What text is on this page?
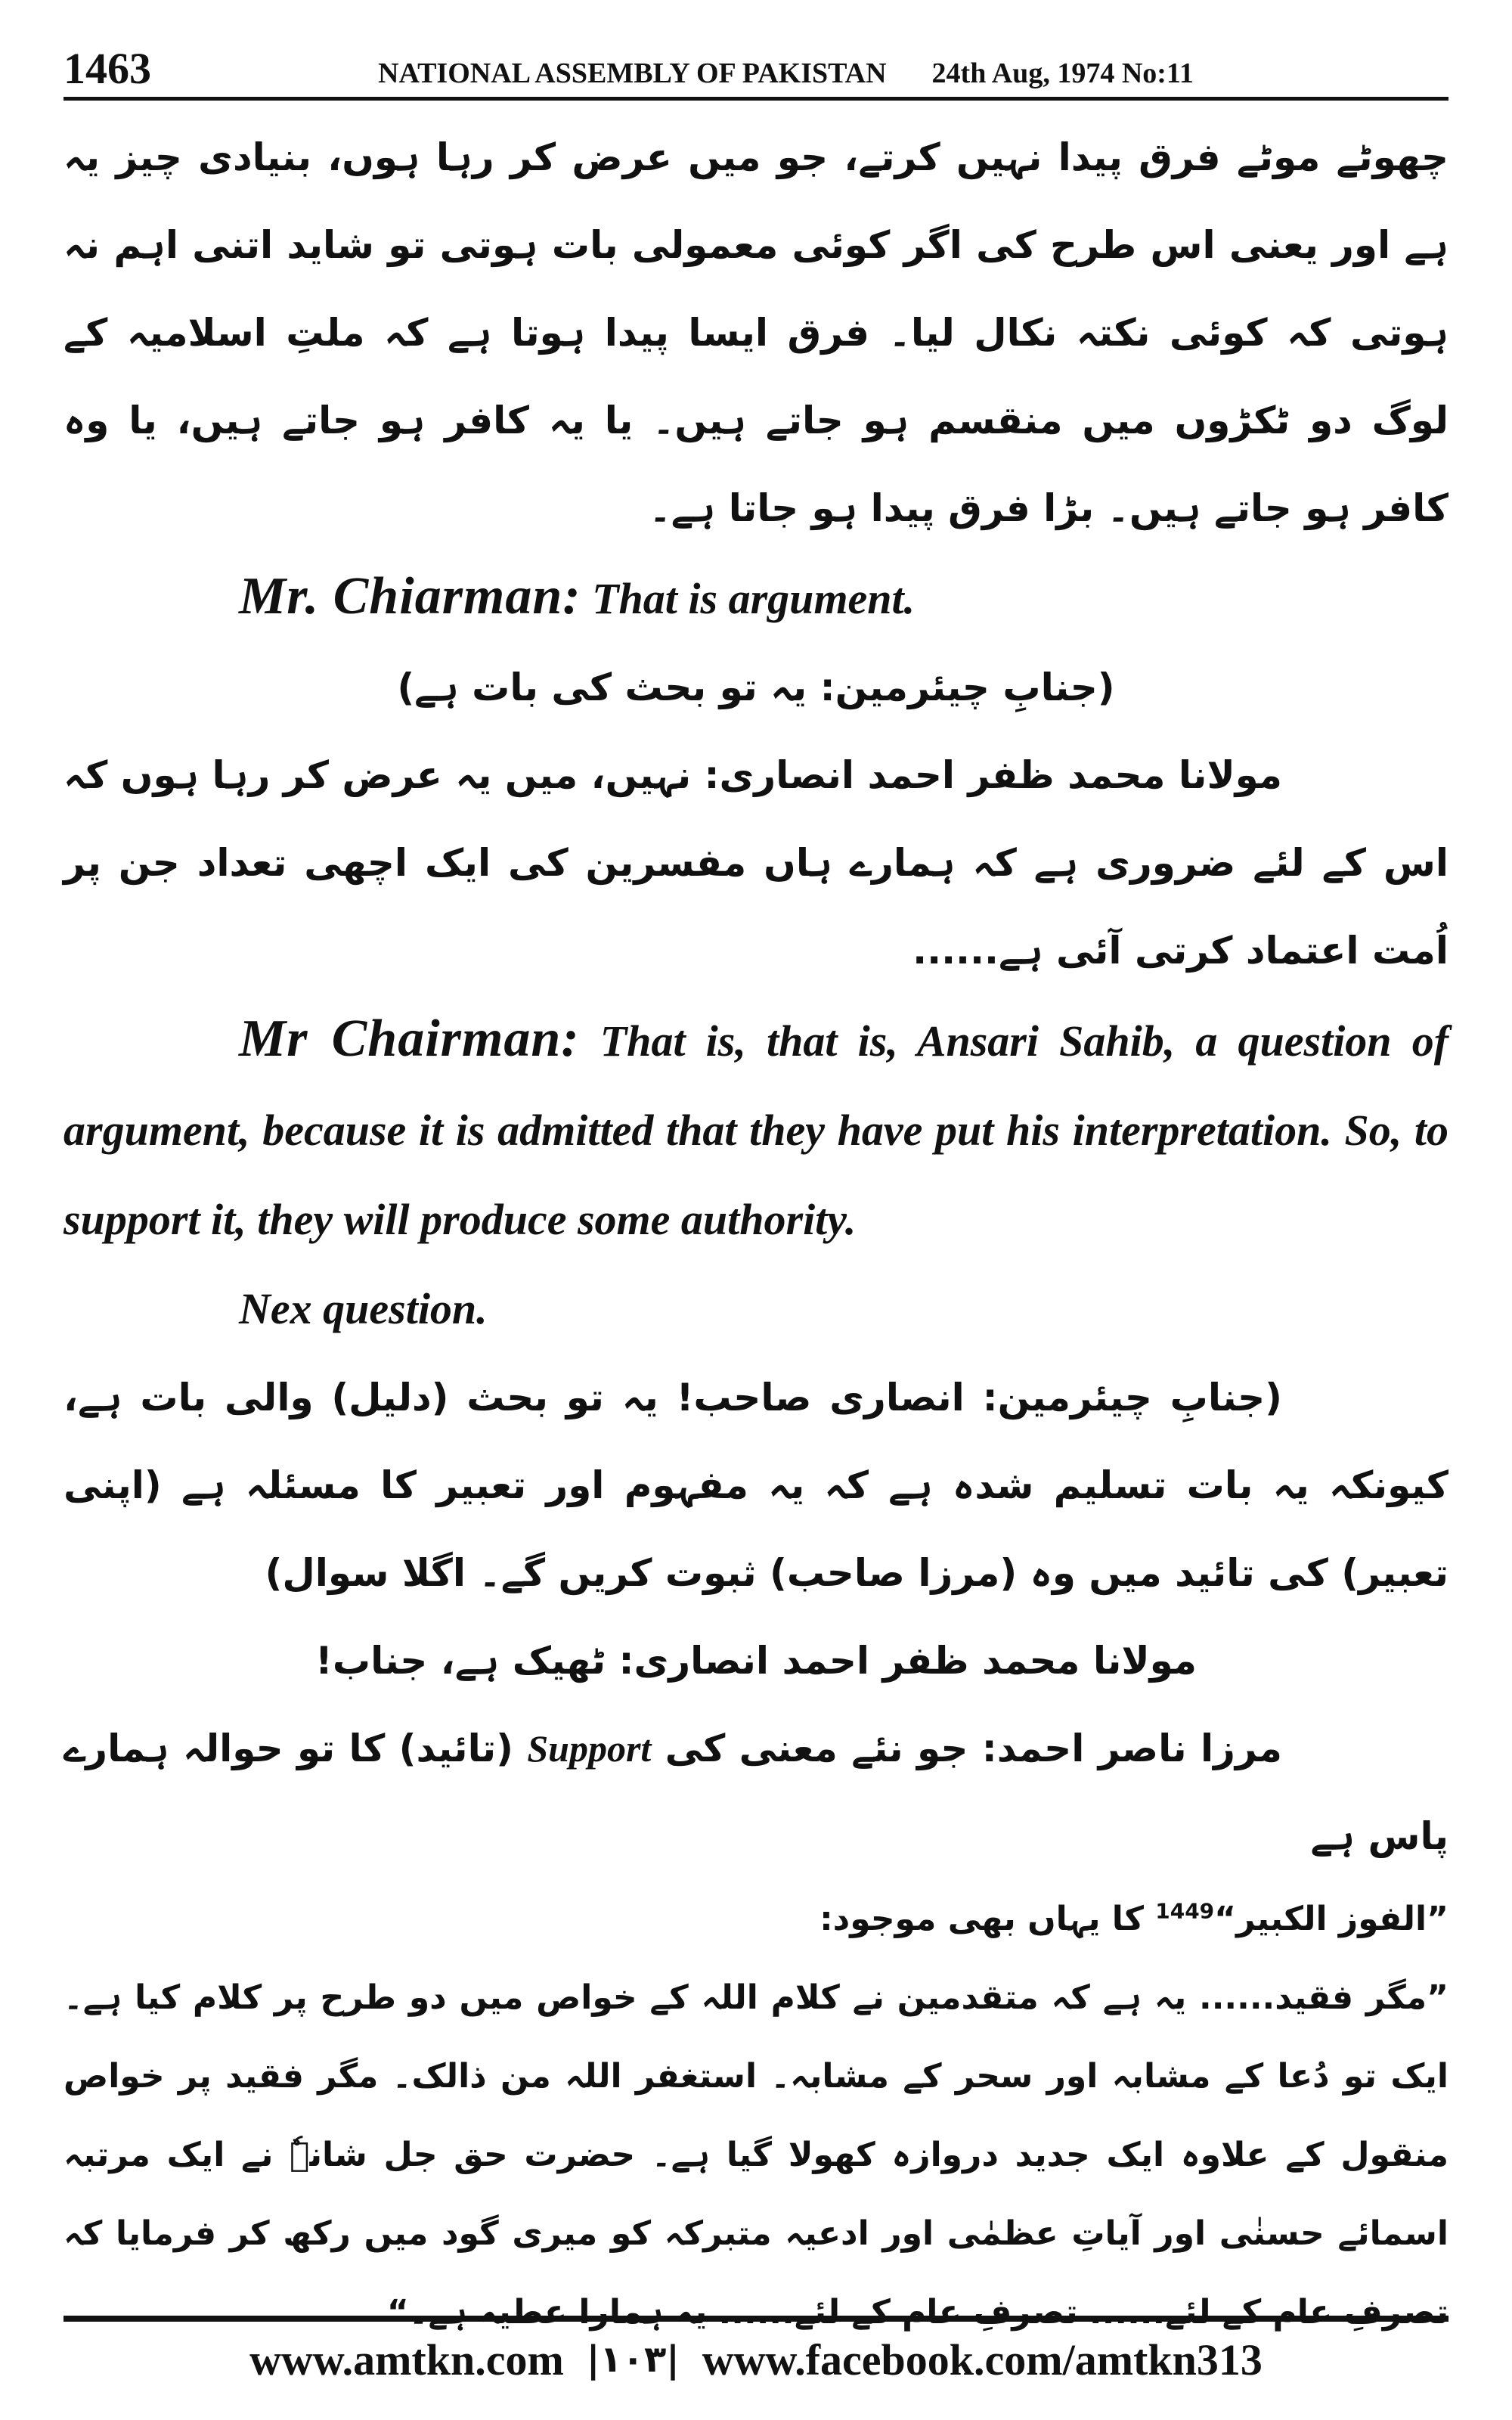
1463	NATIONAL ASSEMBLY OF PAKISTAN 24th Aug, 1974 No:11

چھوٹے موٹے فرق پیدا نہیں کرتے، جو میں عرض کر رہا ہوں، بنیادی چیز یہ ہے اور یعنی اس طرح کی اگر کوئی معمولی بات ہوتی تو شاید اتنی اہم نہ ہوتی کہ کوئی نکتہ نکال لیا۔ فرق ایسا پیدا ہوتا ہے کہ ملتِ اسلامیہ کے لوگ دو ٹکڑوں میں منقسم ہو جاتے ہیں۔ یا یہ کافر ہو جاتے ہیں، یا وہ کافر ہو جاتے ہیں۔ بڑا فرق پیدا ہو جاتا ہے۔

Mr. Chiarman: That is argument.

(جنابِ چیئرمین: یہ تو بحث کی بات ہے)

مولانا محمد ظفر احمد انصاری: نہیں، میں یہ عرض کر رہا ہوں کہ اس کے لئے ضروری ہے کہ ہمارے ہاں مفسرین کی ایک اچھی تعداد جن پر اُمت اعتماد کرتی آئی ہے......

Mr Chairman: That is, that is, Ansari Sahib, a question of argument, because it is admitted that they have put his interpretation. So, to support it, they will produce some authority.

Nex question.

(جنابِ چیئرمین: انصاری صاحب! یہ تو بحث (دلیل) والی بات ہے، کیونکہ یہ بات تسلیم شدہ ہے کہ یہ مفہوم اور تعبیر کا مسئلہ ہے (اپنی تعبیر) کی تائید میں وہ (مرزا صاحب) ثبوت کریں گے۔ اگلا سوال)

مولانا محمد ظفر احمد انصاری: ٹھیک ہے، جناب!

مرزا ناصر احمد: جو نئے معنی کی Support (تائید) کا تو حوالہ ہمارے پاس ہے

”الفوز الکبیر“$^{1449}$ کا یہاں بھی موجود:

”مگر فقید...... یہ ہے کہ متقدمین نے کلام اللہ کے خواص میں دو طرح پر کلام کیا ہے۔ ایک تو دُعا کے مشابہ اور سحر کے مشابہ۔ استغفر اللہ من ذالک۔ مگر فقید پر خواص منقول کے علاوہ ایک جدید دروازہ کھولا گیا ہے۔ حضرت حق جل شانہٗ نے ایک مرتبہ اسمائے حسنٰی اور آیاتِ عظمٰی اور ادعیہ متبرکہ کو میری گود میں رکھ کر فرمایا کہ تصرفِ عام کے لئے...... تصرفِ عام کے لئے...... یہ ہمارا عطیہ ہے۔“

www.amtkn.com |۱۰۳| www.facebook.com/amtkn313
